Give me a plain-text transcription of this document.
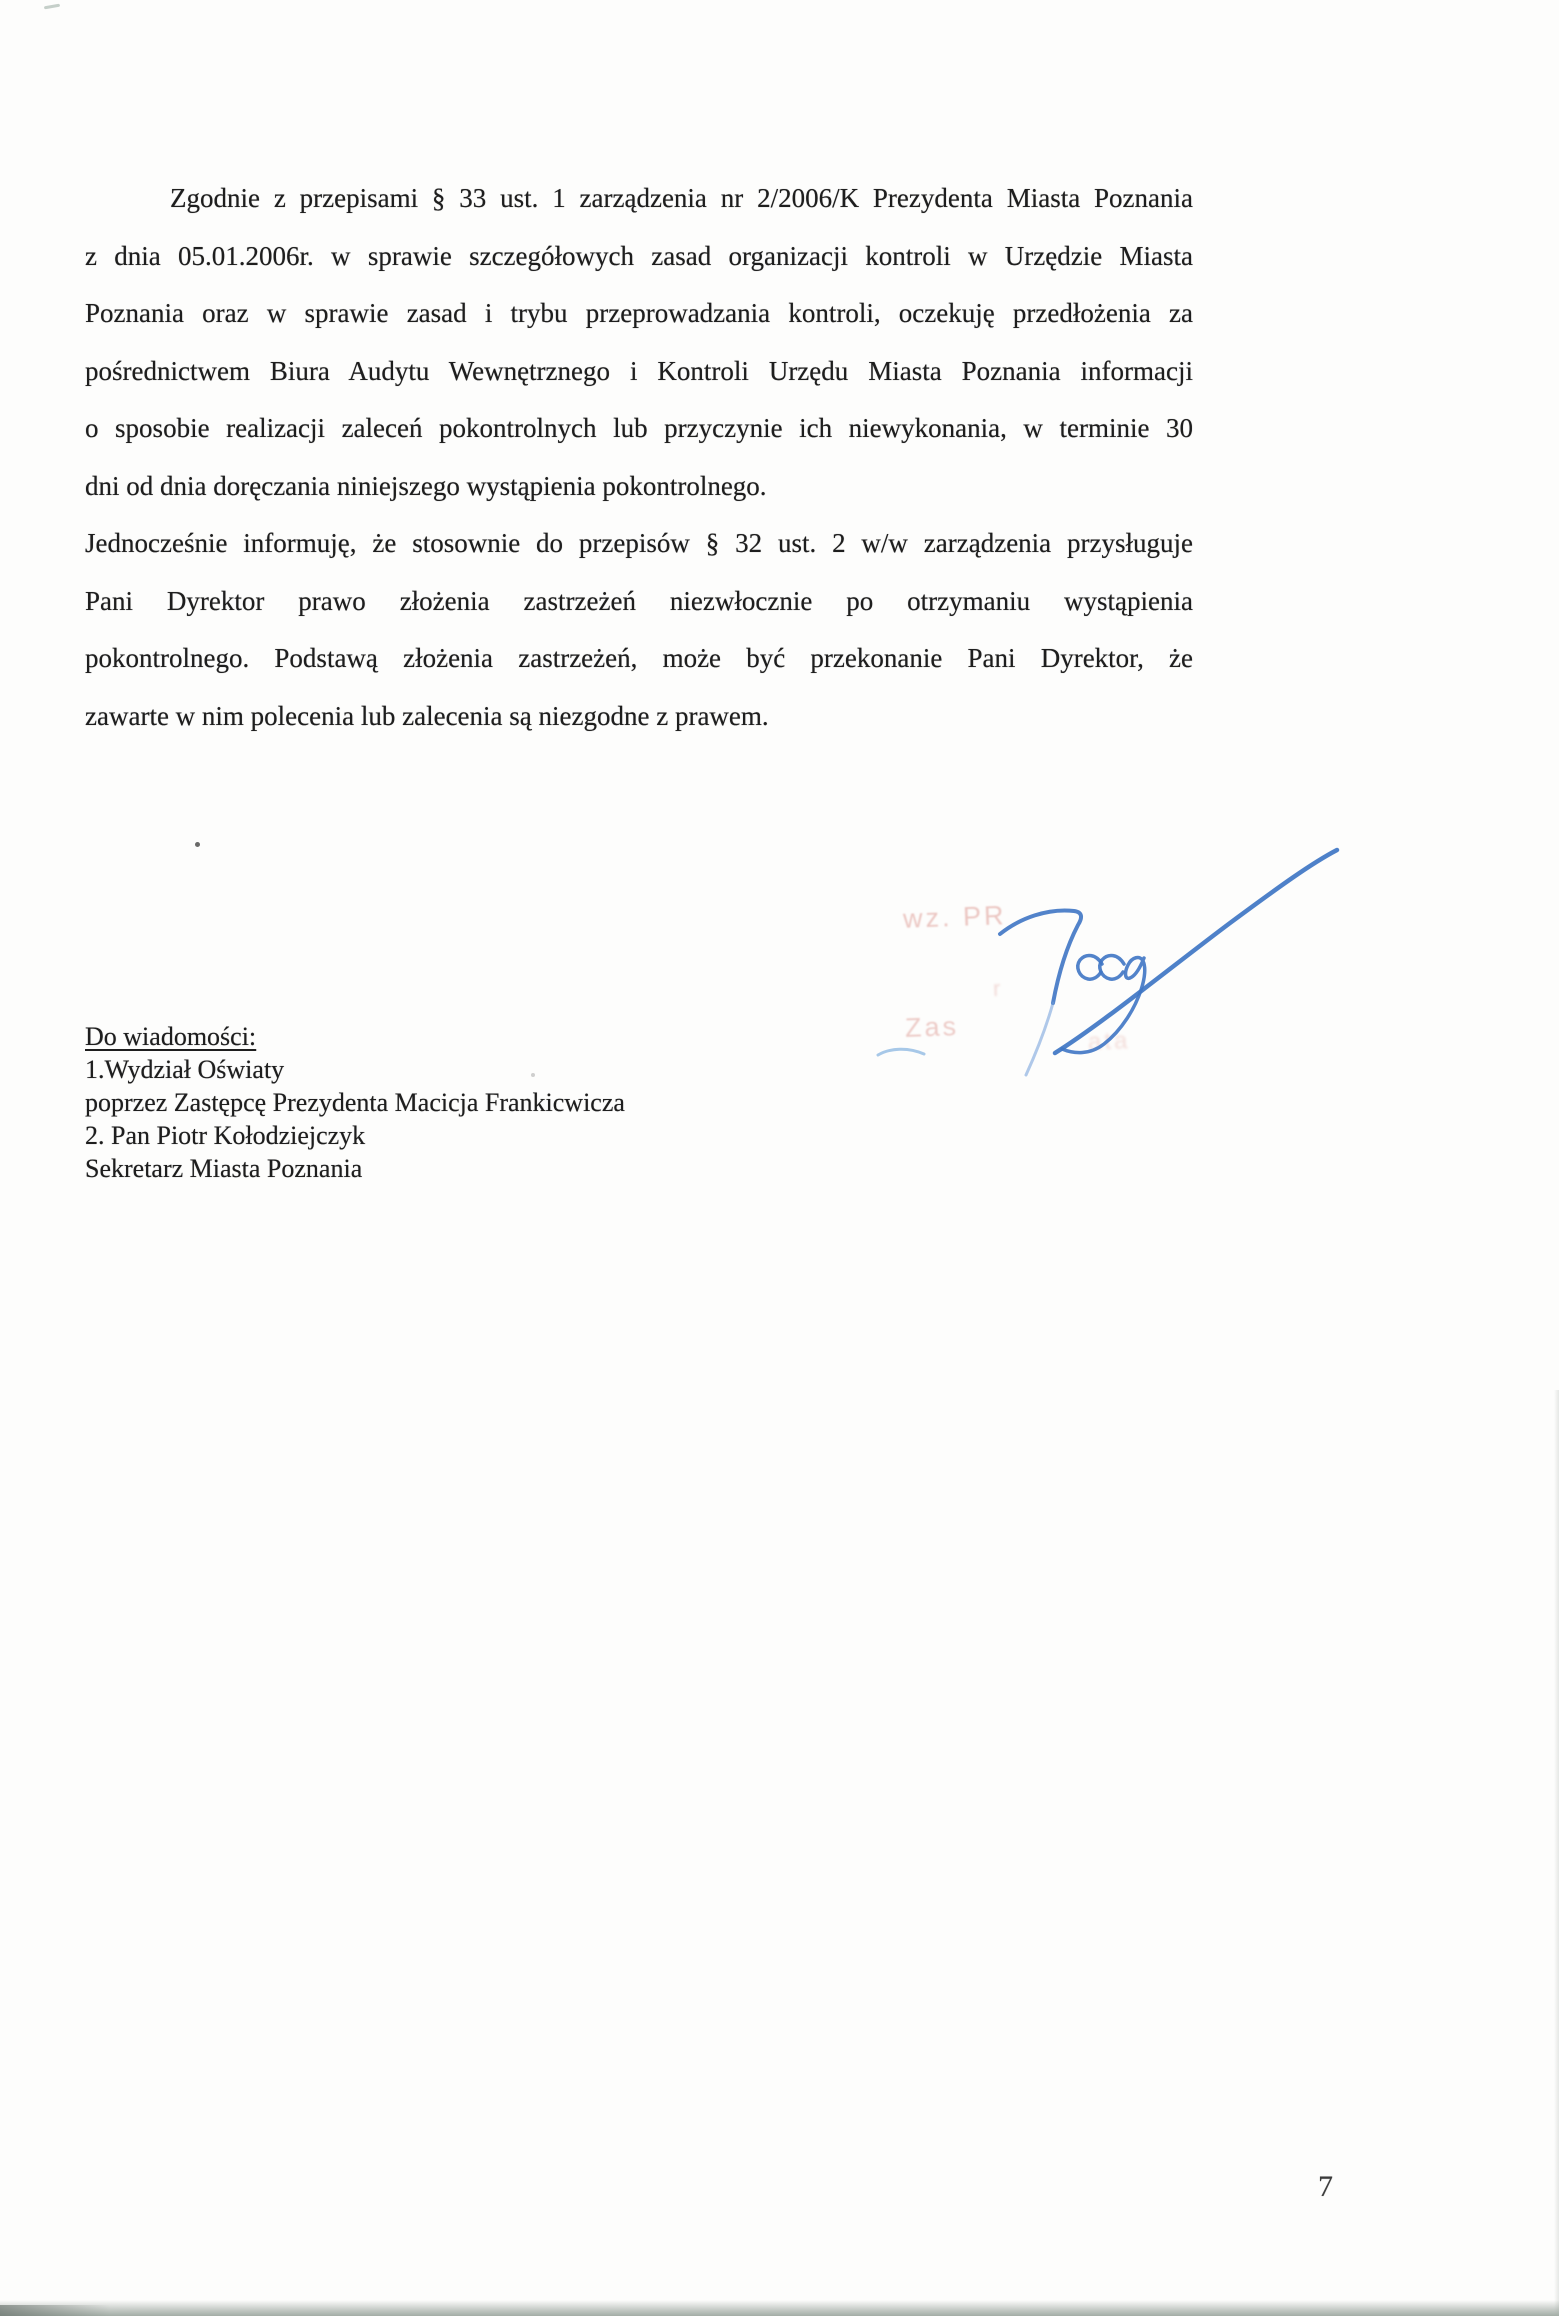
Zgodnie z przepisami § 33 ust. 1 zarządzenia nr 2/2006/K Prezydenta Miasta Poznania
z dnia 05.01.2006r. w sprawie szczegółowych zasad organizacji kontroli w Urzędzie Miasta
Poznania oraz w sprawie zasad i trybu przeprowadzania kontroli, oczekuję przedłożenia za
pośrednictwem Biura Audytu Wewnętrznego i Kontroli Urzędu Miasta Poznania informacji
o sposobie realizacji zaleceń pokontrolnych lub przyczynie ich niewykonania, w terminie 30
dni od dnia doręczania niniejszego wystąpienia pokontrolnego.
Jednocześnie informuję, że stosownie do przepisów § 32 ust. 2 w/w zarządzenia przysługuje
Pani Dyrektor prawo złożenia zastrzeżeń niezwłocznie po otrzymaniu wystąpienia
pokontrolnego. Podstawą złożenia zastrzeżeń, może być przekonanie Pani Dyrektor, że
zawarte w nim polecenia lub zalecenia są niezgodne z prawem.
wz. PR
r
Zas	ata
Do wiadomości:
1.Wydział Oświaty
poprzez Zastępcę Prezydenta Macicja Frankicwicza
2. Pan Piotr Kołodziejczyk
Sekretarz Miasta Poznania
7
